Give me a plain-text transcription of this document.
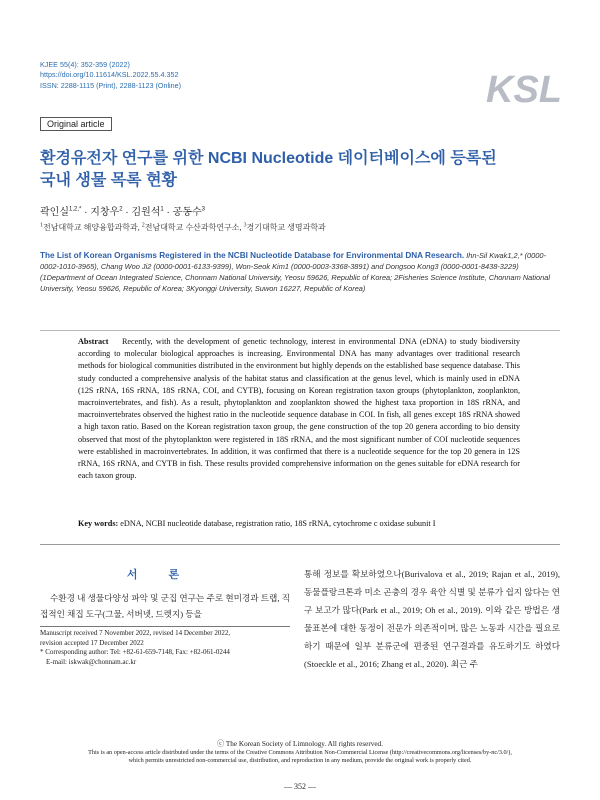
KJEE 55(4): 352-359 (2022)
https://doi.org/10.11614/KSL.2022.55.4.352
ISSN: 2288-1115 (Print), 2288-1123 (Online)	KSL
Original article
환경유전자 연구를 위한 NCBI Nucleotide 데이터베이스에 등록된
국내 생물 목록 현황
곽인실$^{1,2,*}$ · 지창우$^2$ · 김원석$^1$ · 공동수$^3$
$^1$전남대학교 해양융합과학과, $^2$전남대학교 수산과학연구소, $^3$경기대학교 생명과학과
The List of Korean Organisms Registered in the NCBI Nucleotide Database for Environmental DNA Research. Ihn-Sil Kwak1,2,* (0000-0002-1010-3965), Chang Woo Ji2 (0000-0001-6133-9399), Won-Seok Kim1 (0000-0003-3368-3891) and Dongsoo Kong3 (0000-0001-8438-3229) (1Department of Ocean Integrated Science, Chonnam National University, Yeosu 59626, Republic of Korea; 2Fisheries Science Institute, Chonnam National University, Yeosu 59626, Republic of Korea; 3Kyonggi University, Suwon 16227, Republic of Korea)
Abstract Recently, with the development of genetic technology, interest in environmental DNA (eDNA) to study biodiversity according to molecular biological approaches is increasing. Environmental DNA has many advantages over traditional research methods for biological communities distributed in the environment but highly depends on the established base sequence database. This study conducted a comprehensive analysis of the habitat status and classification at the genus level, which is mainly used in eDNA (12S rRNA, 16S rRNA, 18S rRNA, COI, and CYTB), focusing on Korean registration taxon groups (phytoplankton, zooplankton, macroinvertebrates, and fish). As a result, phytoplankton and zooplankton showed the highest taxa proportion in 18S rRNA, and macroinvertebrates observed the highest ratio in the nucleotide sequence database in COI. In fish, all genes except 18S rRNA showed a high taxon ratio. Based on the Korean registration taxon group, the gene construction of the top 20 genera according to bio density observed that most of the phytoplankton were registered in 18S rRNA, and the most significant number of COI nucleotide sequences were established in macroinvertebrates. In addition, it was confirmed that there is a nucleotide sequence for the top 20 genera in 12S rRNA, 16S rRNA, and CYTB in fish. These results provided comprehensive information on the genes suitable for eDNA research for each taxon group.
Key words: eDNA, NCBI nucleotide database, registration ratio, 18S rRNA, cytochrome c oxidase subunit I
서 론
수환경 내 생물다양성 파악 및 군집 연구는 주로 현미경과 트랩, 직접적인 채집 도구(그물, 서버넷, 드렛지) 등을
Manuscript received 7 November 2022, revised 14 December 2022,
revision accepted 17 December 2022
* Corresponding author: Tel: +82-61-659-7148, Fax: +82-061-0244
E-mail: iskwak@chonnam.ac.kr
통해 정보를 확보하였으나(Burivalova et al., 2019; Rajan et al., 2019), 동물플랑크톤과 미소 곤충의 경우 육안 식별 및 분류가 쉽지 않다는 연구 보고가 많다(Park et al., 2019; Oh et al., 2019). 이와 같은 방법은 생물표본에 대한 동정이 전문가 의존적이며, 많은 노동과 시간을 필요로 하기 때문에 일부 분류군에 편중된 연구결과를 유도하기도 하였다(Stoeckle et al., 2016; Zhang et al., 2020). 최근 주
ⓒ The Korean Society of Limnology. All rights reserved.
This is an open-access article distributed under the terms of the Creative Commons Attribution Non-Commercial License (http://creativecommons.org/licenses/by-nc/3.0/),
which permits unrestricted non-commercial use, distribution, and reproduction in any medium, provide the original work is properly cited.
— 352 —
